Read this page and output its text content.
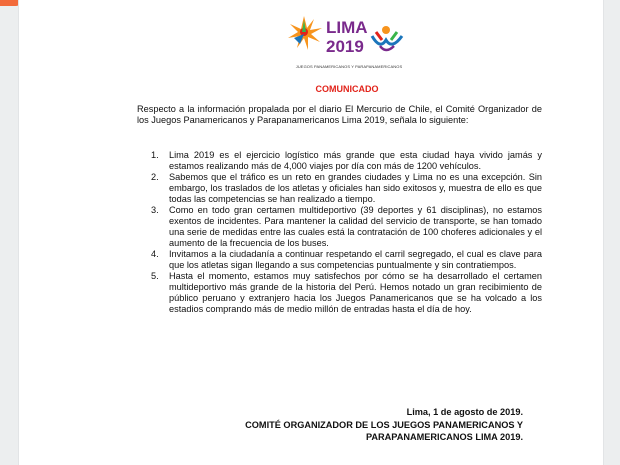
LIMA
2019
JUEGOS PANAMERICANOS Y PARAPANAMERICANOS
COMUNICADO
Respecto a la información propalada por el diario El Mercurio de Chile, el Comité Organizador de los Juegos Panamericanos y Parapanamericanos Lima 2019, señala lo siguiente:
1. Lima 2019 es el ejercicio logístico más grande que esta ciudad haya vivido jamás y estamos realizando más de 4,000 viajes por día con más de 1200 vehículos.
2. Sabemos que el tráfico es un reto en grandes ciudades y Lima no es una excepción. Sin embargo, los traslados de los atletas y oficiales han sido exitosos y, muestra de ello es que todas las competencias se han realizado a tiempo.
3. Como en todo gran certamen multideportivo (39 deportes y 61 disciplinas), no estamos exentos de incidentes. Para mantener la calidad del servicio de transporte, se han tomado una serie de medidas entre las cuales está la contratación de 100 choferes adicionales y el aumento de la frecuencia de los buses.
4. Invitamos a la ciudadanía a continuar respetando el carril segregado, el cual es clave para que los atletas sigan llegando a sus competencias puntualmente y sin contratiempos.
5. Hasta el momento, estamos muy satisfechos por cómo se ha desarrollado el certamen multideportivo más grande de la historia del Perú. Hemos notado un gran recibimiento de público peruano y extranjero hacia los Juegos Panamericanos que se ha volcado a los estadios comprando más de medio millón de entradas hasta el día de hoy.
Lima, 1 de agosto de 2019.
COMITÉ ORGANIZADOR DE LOS JUEGOS PANAMERICANOS Y
PARAPANAMERICANOS LIMA 2019.
